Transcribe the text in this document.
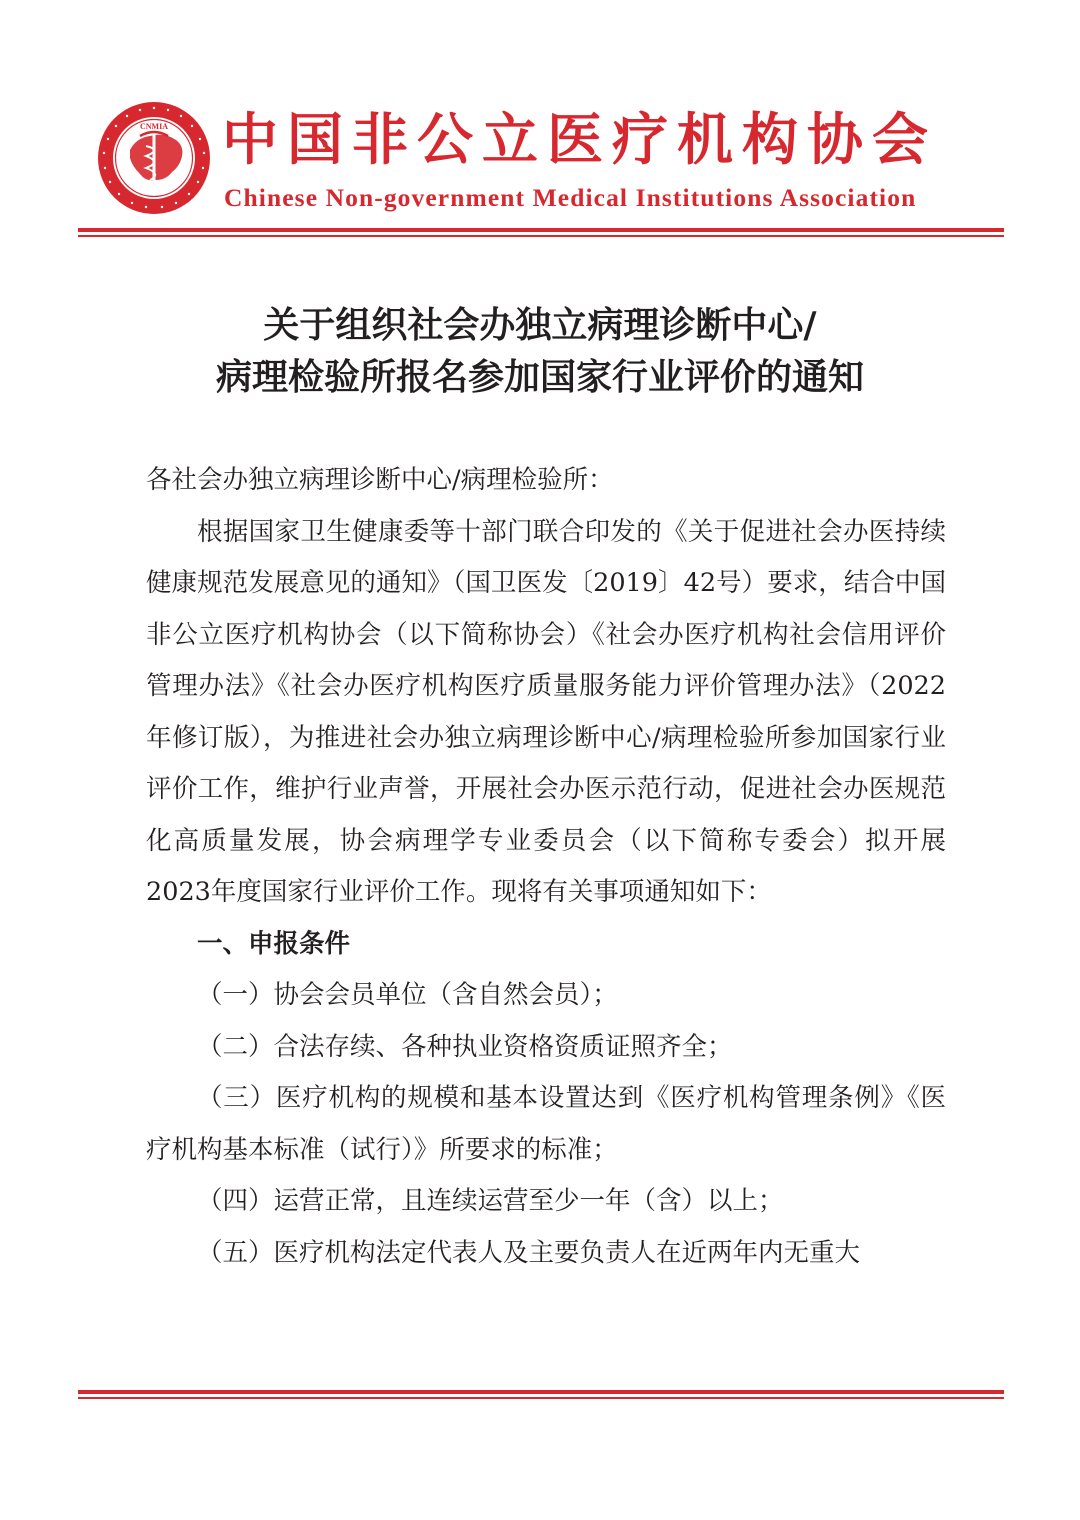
CNMIA 中国非公立医疗机构协会
Chinese Non-government Medical Institutions Association
关于组织社会办独立病理诊断中心/
病理检验所报名参加国家行业评价的通知

各社会办独立病理诊断中心/病理检验所：

根据国家卫生健康委等十部门联合印发的《关于促进社会办医持续健康规范发展意见的通知》（国卫医发〔2019〕42号）要求，结合中国非公立医疗机构协会（以下简称协会）《社会办医疗机构社会信用评价管理办法》《社会办医疗机构医疗质量服务能力评价管理办法》（2022年修订版），为推进社会办独立病理诊断中心/病理检验所参加国家行业评价工作，维护行业声誉，开展社会办医示范行动，促进社会办医规范化高质量发展，协会病理学专业委员会（以下简称专委会）拟开展2023年度国家行业评价工作。现将有关事项通知如下：

一、申报条件

（一）协会会员单位（含自然会员）；

（二）合法存续、各种执业资格资质证照齐全；

（三）医疗机构的规模和基本设置达到《医疗机构管理条例》《医疗机构基本标准（试行）》所要求的标准；

（四）运营正常，且连续运营至少一年（含）以上；

（五）医疗机构法定代表人及主要负责人在近两年内无重大
